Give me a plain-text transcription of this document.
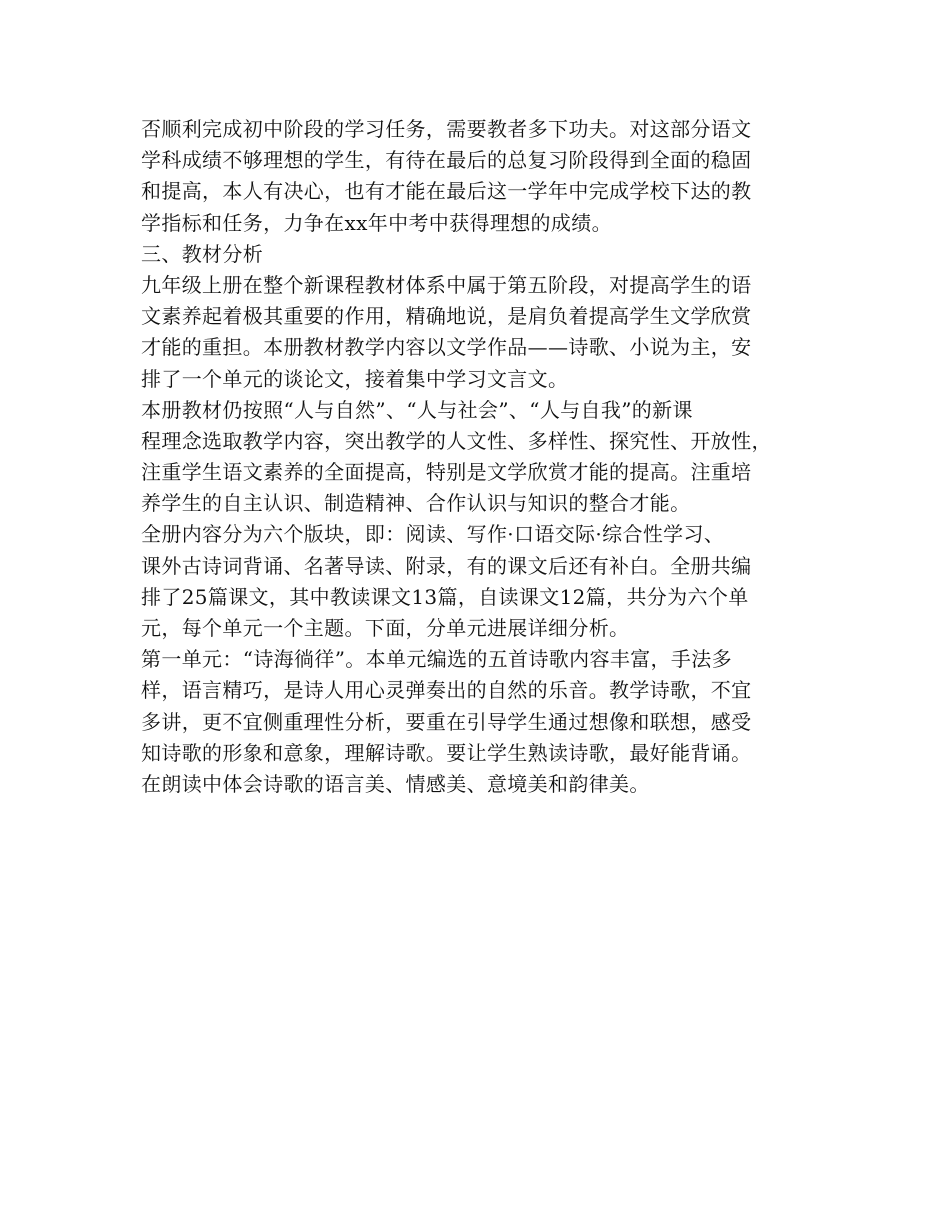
否顺利完成初中阶段的学习任务，需要教者多下功夫。对这部分语文
学科成绩不够理想的学生，有待在最后的总复习阶段得到全面的稳固
和提高，本人有决心，也有才能在最后这一学年中完成学校下达的教
学指标和任务，力争在xx年中考中获得理想的成绩。
三、教材分析
九年级上册在整个新课程教材体系中属于第五阶段，对提高学生的语
文素养起着极其重要的作用，精确地说，是肩负着提高学生文学欣赏
才能的重担。本册教材教学内容以文学作品——诗歌、小说为主，安
排了一个单元的谈论文，接着集中学习文言文。
本册教材仍按照“人与自然”、“人与社会”、“人与自我”的新课
程理念选取教学内容，突出教学的人文性、多样性、探究性、开放性，
注重学生语文素养的全面提高，特别是文学欣赏才能的提高。注重培
养学生的自主认识、制造精神、合作认识与知识的整合才能。
全册内容分为六个版块，即：阅读、写作·口语交际·综合性学习、
课外古诗词背诵、名著导读、附录，有的课文后还有补白。全册共编
排了25篇课文，其中教读课文13篇，自读课文12篇，共分为六个单
元，每个单元一个主题。下面，分单元进展详细分析。
第一单元：“诗海徜徉”。本单元编选的五首诗歌内容丰富，手法多
样，语言精巧，是诗人用心灵弹奏出的自然的乐音。教学诗歌，不宜
多讲，更不宜侧重理性分析，要重在引导学生通过想像和联想，感受
知诗歌的形象和意象，理解诗歌。要让学生熟读诗歌，最好能背诵。
在朗读中体会诗歌的语言美、情感美、意境美和韵律美。
